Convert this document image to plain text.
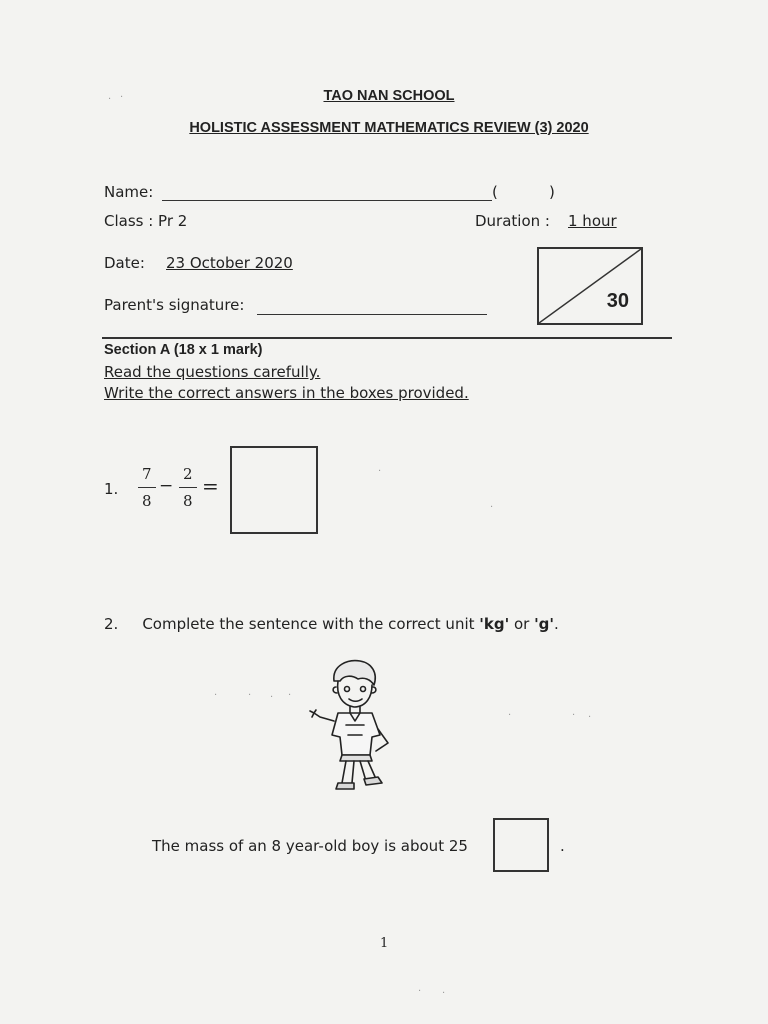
TAO NAN SCHOOL
HOLISTIC ASSESSMENT MATHEMATICS REVIEW (3) 2020
Name:	(	)
Class : Pr 2	Duration : 1 hour
Date: 23 October 2020
Parent's signature:	30
Section A (18 x 1 mark)
Read the questions carefully.
Write the correct answers in the boxes provided.
1.
7
8
−
2
8
=
2. Complete the sentence with the correct unit 'kg' or 'g'.
The mass of an 8 year-old boy is about 25	.
1
· ·
·
·
·	· · ·
·	· ·
· ·
